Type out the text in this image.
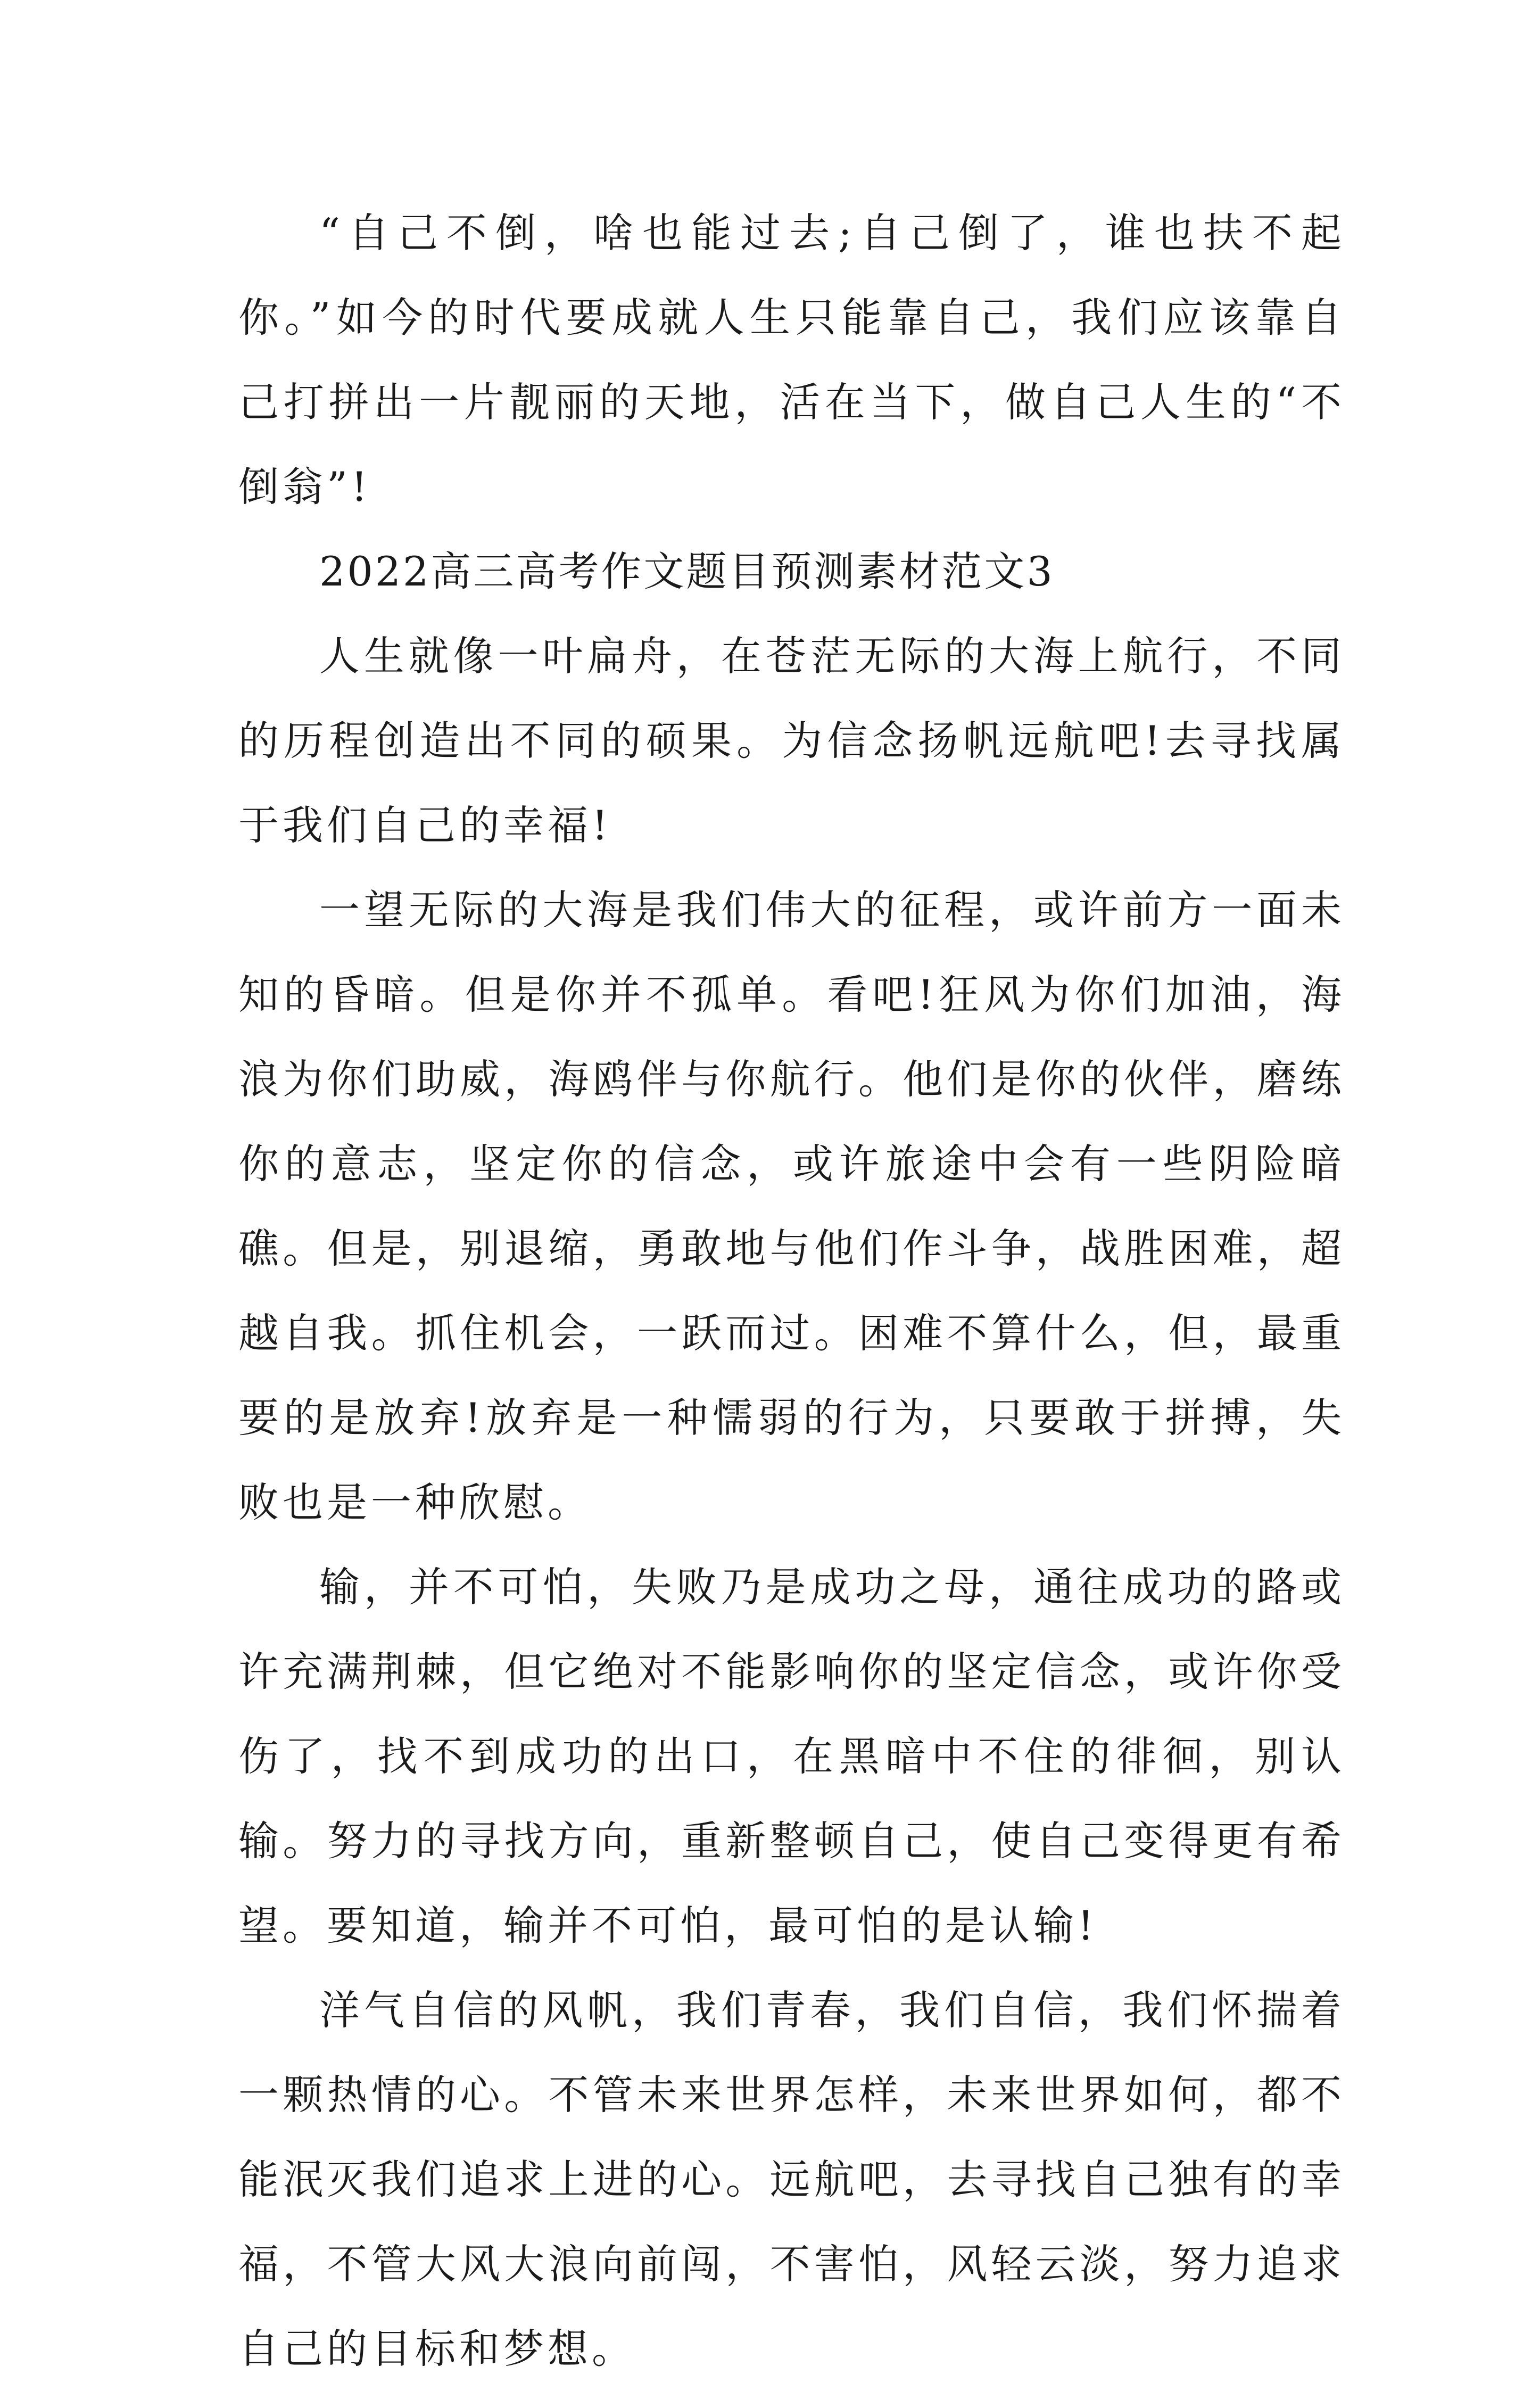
“自己不倒，啥也能过去;自己倒了，谁也扶不起你。”如今的时代要成就人生只能靠自己，我们应该靠自己打拼出一片靓丽的天地，活在当下，做自己人生的“不倒翁”!

2022高三高考作文题目预测素材范文3

人生就像一叶扁舟，在苍茫无际的大海上航行，不同的历程创造出不同的硕果。为信念扬帆远航吧!去寻找属于我们自己的幸福!

一望无际的大海是我们伟大的征程，或许前方一面未知的昏暗。但是你并不孤单。看吧!狂风为你们加油，海浪为你们助威，海鸥伴与你航行。他们是你的伙伴，磨练你的意志，坚定你的信念，或许旅途中会有一些阴险暗礁。但是，别退缩，勇敢地与他们作斗争，战胜困难，超越自我。抓住机会，一跃而过。困难不算什么，但，最重要的是放弃!放弃是一种懦弱的行为，只要敢于拼搏，失败也是一种欣慰。

输，并不可怕，失败乃是成功之母，通往成功的路或许充满荆棘，但它绝对不能影响你的坚定信念，或许你受伤了，找不到成功的出口，在黑暗中不住的徘徊，别认输。努力的寻找方向，重新整顿自己，使自己变得更有希望。要知道，输并不可怕，最可怕的是认输!

洋气自信的风帆，我们青春，我们自信，我们怀揣着一颗热情的心。不管未来世界怎样，未来世界如何，都不能泯灭我们追求上进的心。远航吧，去寻找自己独有的幸福，不管大风大浪向前闯，不害怕，风轻云淡，努力追求自己的目标和梦想。
